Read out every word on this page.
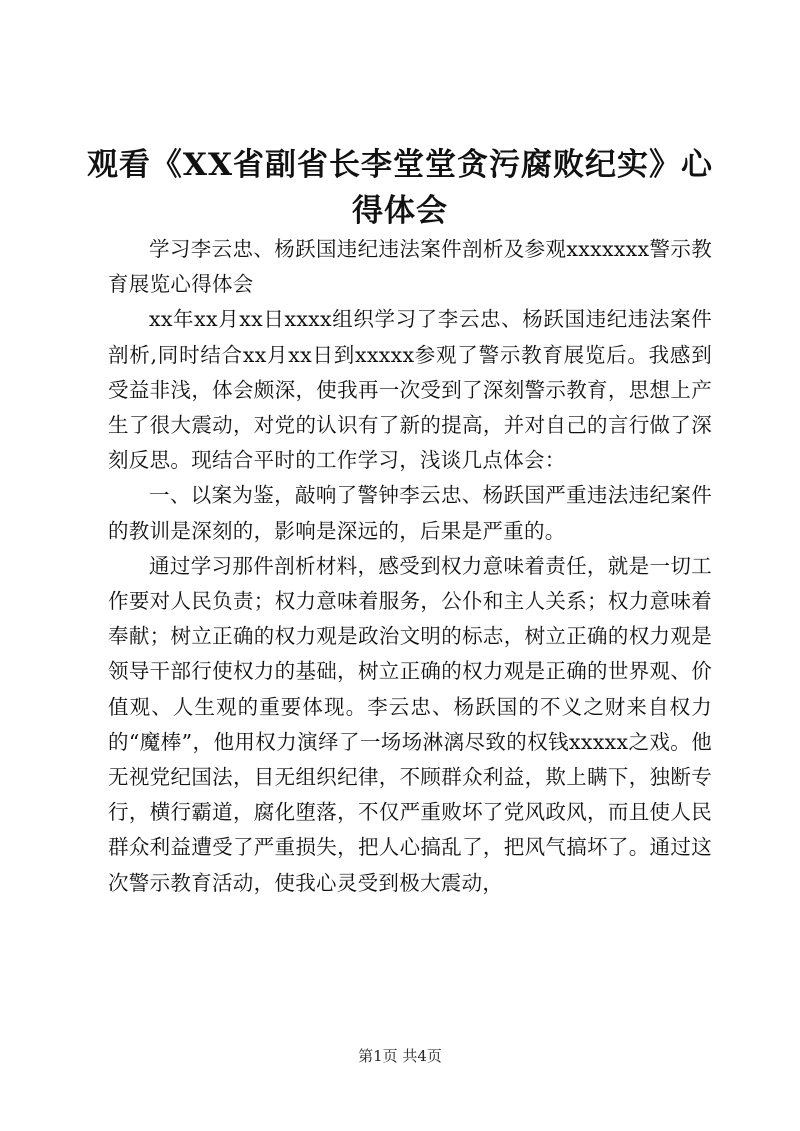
观看《XX省副省长李堂堂贪污腐败纪实》心得体会

学习李云忠、杨跃国违纪违法案件剖析及参观xxxxxxx警示教育展览心得体会

xx年xx月xx日xxxx组织学习了李云忠、杨跃国违纪违法案件剖析,同时结合xx月xx日到xxxxx参观了警示教育展览后。我感到受益非浅，体会颇深，使我再一次受到了深刻警示教育，思想上产生了很大震动，对党的认识有了新的提高，并对自己的言行做了深刻反思。现结合平时的工作学习，浅谈几点体会：

一、以案为鉴，敲响了警钟李云忠、杨跃国严重违法违纪案件的教训是深刻的，影响是深远的，后果是严重的。

通过学习那件剖析材料，感受到权力意味着责任，就是一切工作要对人民负责；权力意味着服务，公仆和主人关系；权力意味着奉献；树立正确的权力观是政治文明的标志，树立正确的权力观是领导干部行使权力的基础，树立正确的权力观是正确的世界观、价值观、人生观的重要体现。李云忠、杨跃国的不义之财来自权力的“魔棒”，他用权力演绎了一场场淋漓尽致的权钱xxxxx之戏。他无视党纪国法，目无组织纪律，不顾群众利益，欺上瞒下，独断专行，横行霸道，腐化堕落，不仅严重败坏了党风政风，而且使人民群众利益遭受了严重损失，把人心搞乱了，把风气搞坏了。通过这次警示教育活动，使我心灵受到极大震动，

第1页 共4页
